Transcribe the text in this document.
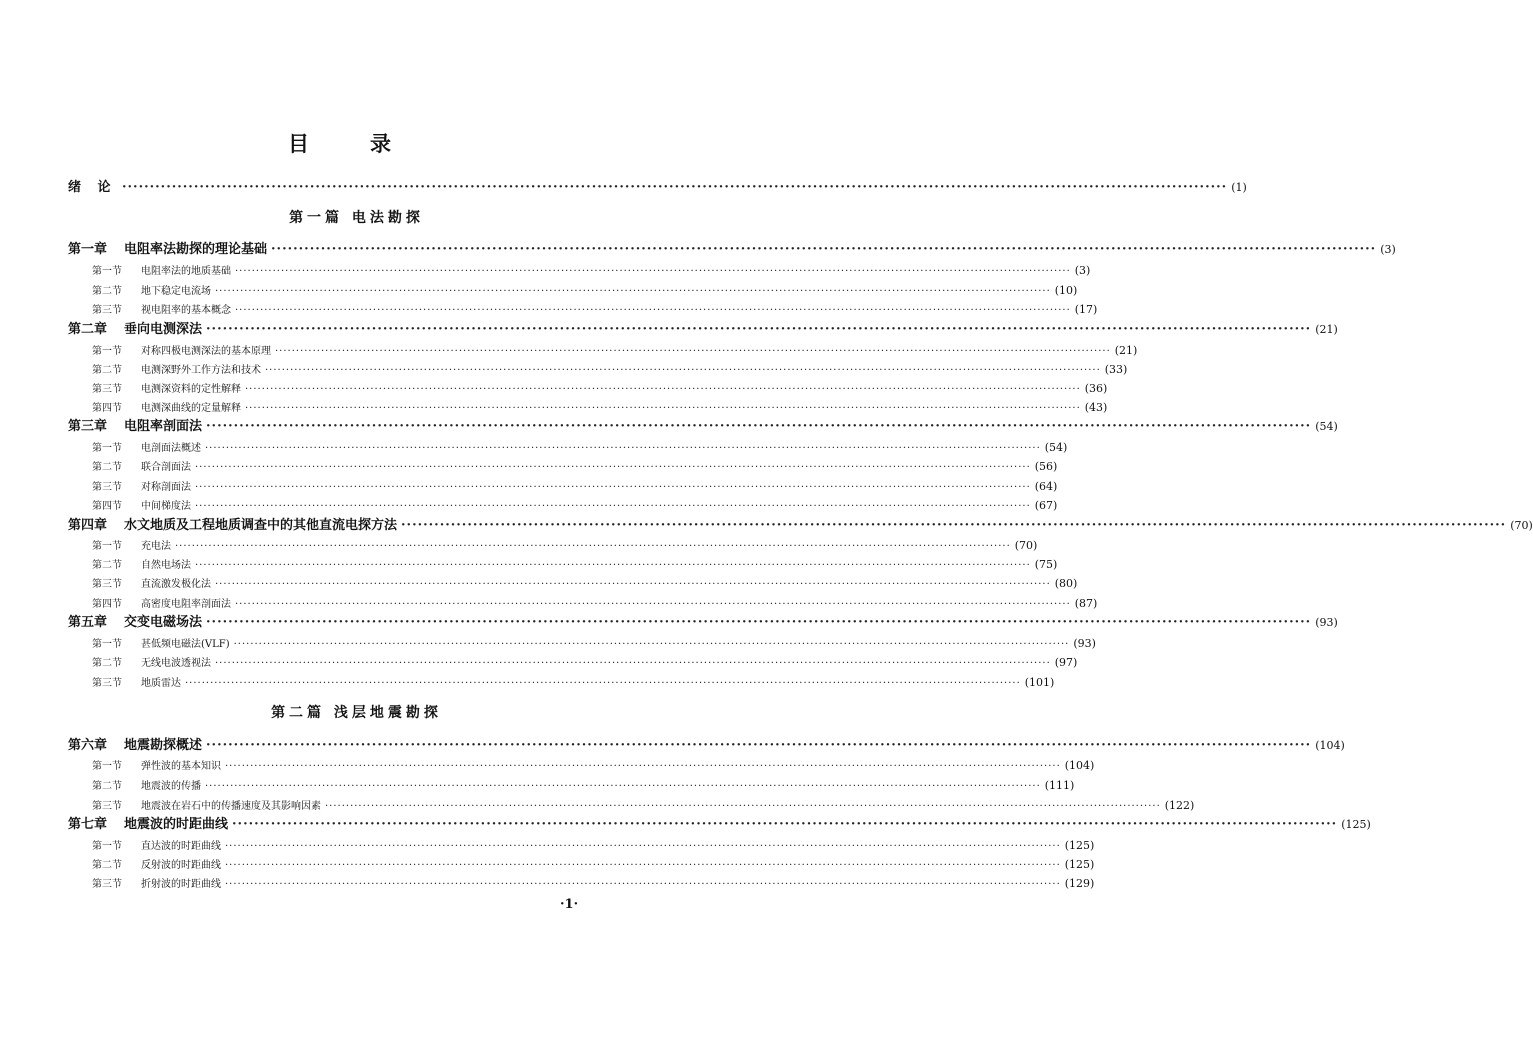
目	录
绪 论 ········································································································································································································ (1)
第一篇 电法勘探
第一章	电阻率法勘探的理论基础 ········································································································································································································ (3)
第一节	电阻率法的地质基础 ········································································································································································································ (3)
第二节	地下稳定电流场 ········································································································································································································ (10)
第三节	视电阻率的基本概念 ········································································································································································································ (17)
第二章	垂向电测深法 ········································································································································································································ (21)
第一节	对称四极电测深法的基本原理 ········································································································································································································ (21)
第二节	电测深野外工作方法和技术 ········································································································································································································ (33)
第三节	电测深资料的定性解释 ········································································································································································································ (36)
第四节	电测深曲线的定量解释 ········································································································································································································ (43)
第三章	电阻率剖面法 ········································································································································································································ (54)
第一节	电剖面法概述 ········································································································································································································ (54)
第二节	联合剖面法 ········································································································································································································ (56)
第三节	对称剖面法 ········································································································································································································ (64)
第四节	中间梯度法 ········································································································································································································ (67)
第四章	水文地质及工程地质调查中的其他直流电探方法 ········································································································································································································ (70)
第一节	充电法 ········································································································································································································ (70)
第二节	自然电场法 ········································································································································································································ (75)
第三节	直流激发极化法 ········································································································································································································ (80)
第四节	高密度电阻率剖面法 ········································································································································································································ (87)
第五章	交变电磁场法 ········································································································································································································ (93)
第一节	甚低频电磁法(VLF) ········································································································································································································ (93)
第二节	无线电波透视法 ········································································································································································································ (97)
第三节	地质雷达 ········································································································································································································ (101)
第二篇 浅层地震勘探
第六章	地震勘探概述 ········································································································································································································ (104)
第一节	弹性波的基本知识 ········································································································································································································ (104)
第二节	地震波的传播 ········································································································································································································ (111)
第三节	地震波在岩石中的传播速度及其影响因素 ········································································································································································································ (122)
第七章	地震波的时距曲线 ········································································································································································································ (125)
第一节	直达波的时距曲线 ········································································································································································································ (125)
第二节	反射波的时距曲线 ········································································································································································································ (125)
第三节	折射波的时距曲线 ········································································································································································································ (129)
·1·
